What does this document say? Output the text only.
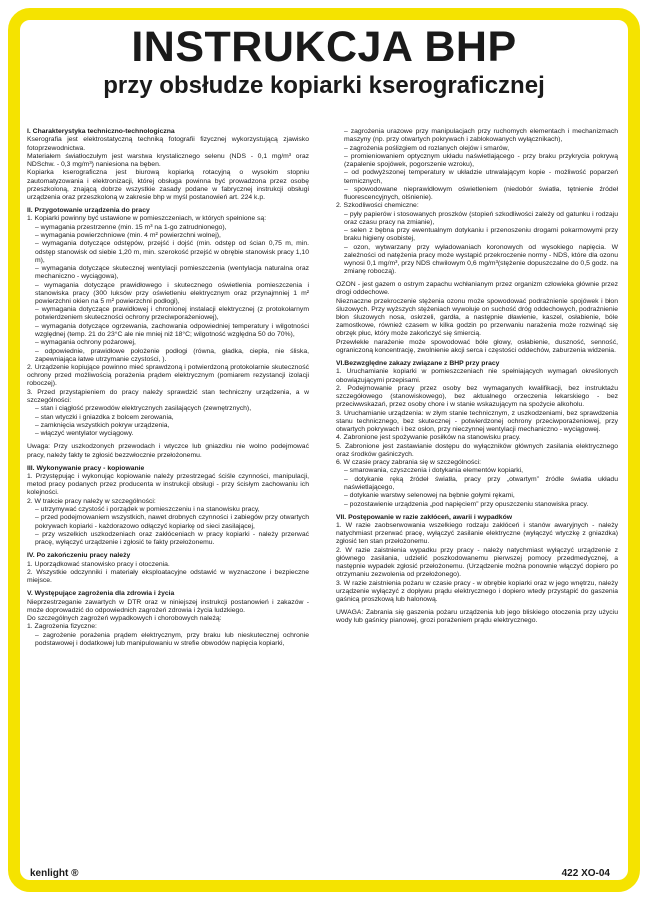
INSTRUKCJA BHP
przy obsłudze kopiarki kserograficznej

I. Charakterystyka techniczno-technologiczna

Kserografia jest elektrostatyczną techniką fotografii fizycznej wykorzystującą zjawisko fotoprzewodnictwa.

Materiałem światłoczułym jest warstwa krystalicznego selenu (NDS - 0,1 mg/m³ oraz NDSchw. - 0,3 mg/m³) naniesiona na bęben.

Kopiarka kserograficzna jest biurową kopiarką rotacyjną o wysokim stopniu zautomatyzowania i elektronizacji, której obsługa powinna być prowadzona przez osobę przeszkoloną, znającą dobrze wszystkie zasady podane w fabrycznej instrukcji obsługi urządzenia oraz przeszkoloną w zakresie bhp w myśl postanowień art. 224 k.p.

II. Przygotowanie urządzenia do pracy

1. Kopiarki powinny być ustawione w pomieszczeniach, w których spełnione są:

– wymagania przestrzenne (min. 15 m³ na 1-go zatrudnionego),

– wymagania powierzchniowe (min. 4 m² powierzchni wolnej),

– wymagania dotyczące odstępów, przejść i dojść (min. odstęp od ścian 0,75 m, min. odstęp stanowisk od siebie 1,20 m, min. szerokość przejść w obrębie stanowisk pracy 1,10 m),

– wymagania dotyczące skutecznej wentylacji pomieszczenia (wentylacja naturalna oraz mechaniczno - wyciągowa),

– wymagania dotyczące prawidłowego i skutecznego oświetlenia pomieszczenia i stanowiska pracy (300 luksów przy oświetleniu elektrycznym oraz przynajmniej 1 m² powierzchni okien na 5 m² powierzchni podłogi),

– wymagania dotyczące prawidłowej i chronionej instalacji elektrycznej (z protokołarnym potwierdzeniem skuteczności ochrony przeciwporażeniowej),

– wymagania dotyczące ogrzewania, zachowania odpowiedniej temperatury i wilgotności względnej (temp. 21 do 23°C ale nie mniej niż 18°C; wilgotność względna 50 do 70%),

– wymagania ochrony pożarowej,

– odpowiednie, prawidłowe położenie podłogi (równa, gładka, ciepła, nie śliska, zapewniająca łatwe utrzymanie czystości, ).

2. Urządzenie kopiujące powinno mieć sprawdzoną i potwierdzoną protokolarnie skuteczność ochrony przed możliwością porażenia prądem elektrycznym (pomiarem rezystancji izolacji roboczej).

3. Przed przystąpieniem do pracy należy sprawdzić stan techniczny urządzenia, a w szczególności:

– stan i ciągłość przewodów elektrycznych zasilających (zewnętrznych),

– stan wtyczki i gniazdka z bolcem zerowania,

– zamknięcia wszystkich pokryw urządzenia,

– włączyć wentylator wyciągowy.

Uwaga: Przy uszkodzonych przewodach i wtyczce lub gniazdku nie wolno podejmować pracy, należy fakty te zgłosić bezzwłocznie przełożonemu.

III. Wykonywanie pracy - kopiowanie

1. Przystępując i wykonując kopiowanie należy przestrzegać ściśle czynności, manipulacji, metod pracy podanych przez producenta w instrukcji obsługi - przy ścisłym zachowaniu ich kolejności.

2. W trakcie pracy należy w szczególności:

– utrzymywać czystość i porządek w pomieszczeniu i na stanowisku pracy,

– przed podejmowaniem wszystkich, nawet drobnych czynności i zabiegów przy otwartych pokrywach kopiarki - każdorazowo odłączyć kopiarkę od sieci zasilającej,

– przy wszelkich uszkodzeniach oraz zakłóceniach w pracy kopiarki - należy przerwać pracę, wyłączyć urządzenie i zgłosić te fakty przełożonemu.

IV. Po zakończeniu pracy należy

1. Uporządkować stanowisko pracy i otoczenia.

2. Wszystkie odczynniki i materiały eksploatacyjne odstawić w wyznaczone i bezpieczne miejsce.

V. Występujące zagrożenia dla zdrowia i życia

Nieprzestrzeganie zawartych w DTR oraz w niniejszej instrukcji postanowień i zakazów - może doprowadzić do odpowiednich zagrożeń zdrowia i życia ludzkiego.

Do szczególnych zagrożeń wypadkowych i chorobowych należą:

1. Zagrożenia fizyczne:

– zagrożenie porażenia prądem elektrycznym, przy braku lub nieskutecznej ochronie podstawowej i dodatkowej lub manipulowaniu w strefie obwodów napięcia kopiarki,

– zagrożenia urazowe przy manipulacjach przy ruchomych elementach i mechanizmach maszyny (np. przy otwartych pokrywach i zablokowanych wyłącznikach),

– zagrożenia poślizgiem od rozlanych olejów i smarów,

– promieniowaniem optycznym układu naświetlającego - przy braku przykrycia pokrywą (zapalenie spojówek, pogorszenie wzroku),

– od podwyższonej temperatury w układzie utrwalającym kopie - możliwość poparzeń termicznych,

– spowodowane nieprawidłowym oświetleniem (niedobór światła, tętnienie źródeł fluorescencyjnych, olśnienie).

2. Szkodliwości chemiczne:

– pyły papierów i stosowanych proszków (stopień szkodliwości zależy od gatunku i rodzaju oraz czasu pracy na zmianie),

– selen z bębna przy ewentualnym dotykaniu i przenoszeniu drogami pokarmowymi przy braku higieny osobistej,

– ozon, wytwarzany przy wyładowaniach koronowych od wysokiego napięcia. W zależności od natężenia pracy może wystąpić przekroczenie normy - NDS, które dla ozonu wynosi 0,1 mg/m³, przy NDS chwilowym 0,6 mg/m³(stężenie dopuszczalne do 0,5 godz. na zmianę roboczą).

OZON - jest gazem o ostrym zapachu wchłanianym przez organizm człowieka głównie przez drogi oddechowe.

Nieznaczne przekroczenie stężenia ozonu może spowodować podrażnienie spojówek i błon śluzowych. Przy wyższych stężeniach wywołuje on suchość dróg oddechowych, podrażnienie błon śluzowych nosa, oskrzeli, gardła, a następnie dławienie, kaszel, osłabienie, bóle zamostkowe, również czasem w kilka godzin po przerwaniu narażenia może rozwinąć się obrzęk płuc, który może zakończyć się śmiercią.

Przewlekłe narażenie może spowodować bóle głowy, osłabienie, duszność, senność, ograniczoną koncentrację, zwolnienie akcji serca i częstości oddechów, zaburzenia widzenia.

VI.Bezwzględne zakazy związane z BHP przy pracy

1. Uruchamianie kopiarki w pomieszczeniach nie spełniających wymagań określonych obowiązującymi przepisami.

2. Podejmowanie pracy przez osoby bez wymaganych kwalifikacji, bez instruktażu szczegółowego (stanowiskowego), bez aktualnego orzeczenia lekarskiego - bez przeciwwskazań, przez osoby chore i w stanie wskazującym na spożycie alkoholu.

3. Uruchamianie urządzenia: w złym stanie technicznym, z uszkodzeniami, bez sprawdzenia stanu technicznego, bez skutecznej - potwierdzonej ochrony przeciwporażeniowej, przy otwartych pokrywach i bez osłon, przy nieczynnej wentylacji mechaniczno - wyciągowej.

4. Zabronione jest spożywanie posiłków na stanowisku pracy.

5. Zabronione jest zastawianie dostępu do wyłączników głównych zasilania elektrycznego oraz środków gaśniczych.

6. W czasie pracy zabrania się w szczególności:

– smarowania, czyszczenia i dotykania elementów kopiarki,

– dotykanie ręką źródeł światła, pracy przy „otwartym” źródle światła układu naświetlającego,

– dotykanie warstwy selenowej na bębnie gołymi rękami,

– pozostawienie urządzenia „pod napięciem” przy opuszczeniu stanowiska pracy.

VII. Postępowanie w razie zakłóceń, awarii i wypadków

1. W razie zaobserwowania wszelkiego rodzaju zakłóceń i stanów awaryjnych - należy natychmiast przerwać pracę, wyłączyć zasilanie elektryczne (wyłączyć wtyczkę z gniazdka) zgłosić ten stan przełożonemu.

2. W razie zaistnienia wypadku przy pracy - należy natychmiast wyłączyć urządzenie z głównego zasilania, udzielić poszkodowanemu pierwszej pomocy przedmedycznej, a następnie wypadek zgłosić przełożonemu. (Urządzenie można ponownie włączyć dopiero po otrzymaniu zezwolenia od przełożonego).

3. W razie zaistnienia pożaru w czasie pracy - w obrębie kopiarki oraz w jego wnętrzu, należy urządzenie wyłączyć z dopływu prądu elektrycznego i dopiero wtedy przystąpić do gaszenia gaśnicą proszkową lub halonową.

UWAGA: Zabrania się gaszenia pożaru urządzenia lub jego bliskiego otoczenia przy użyciu wody lub gaśnicy pianowej, grozi porażeniem prądu elektrycznego.

kenlight ®	422 XO-04
